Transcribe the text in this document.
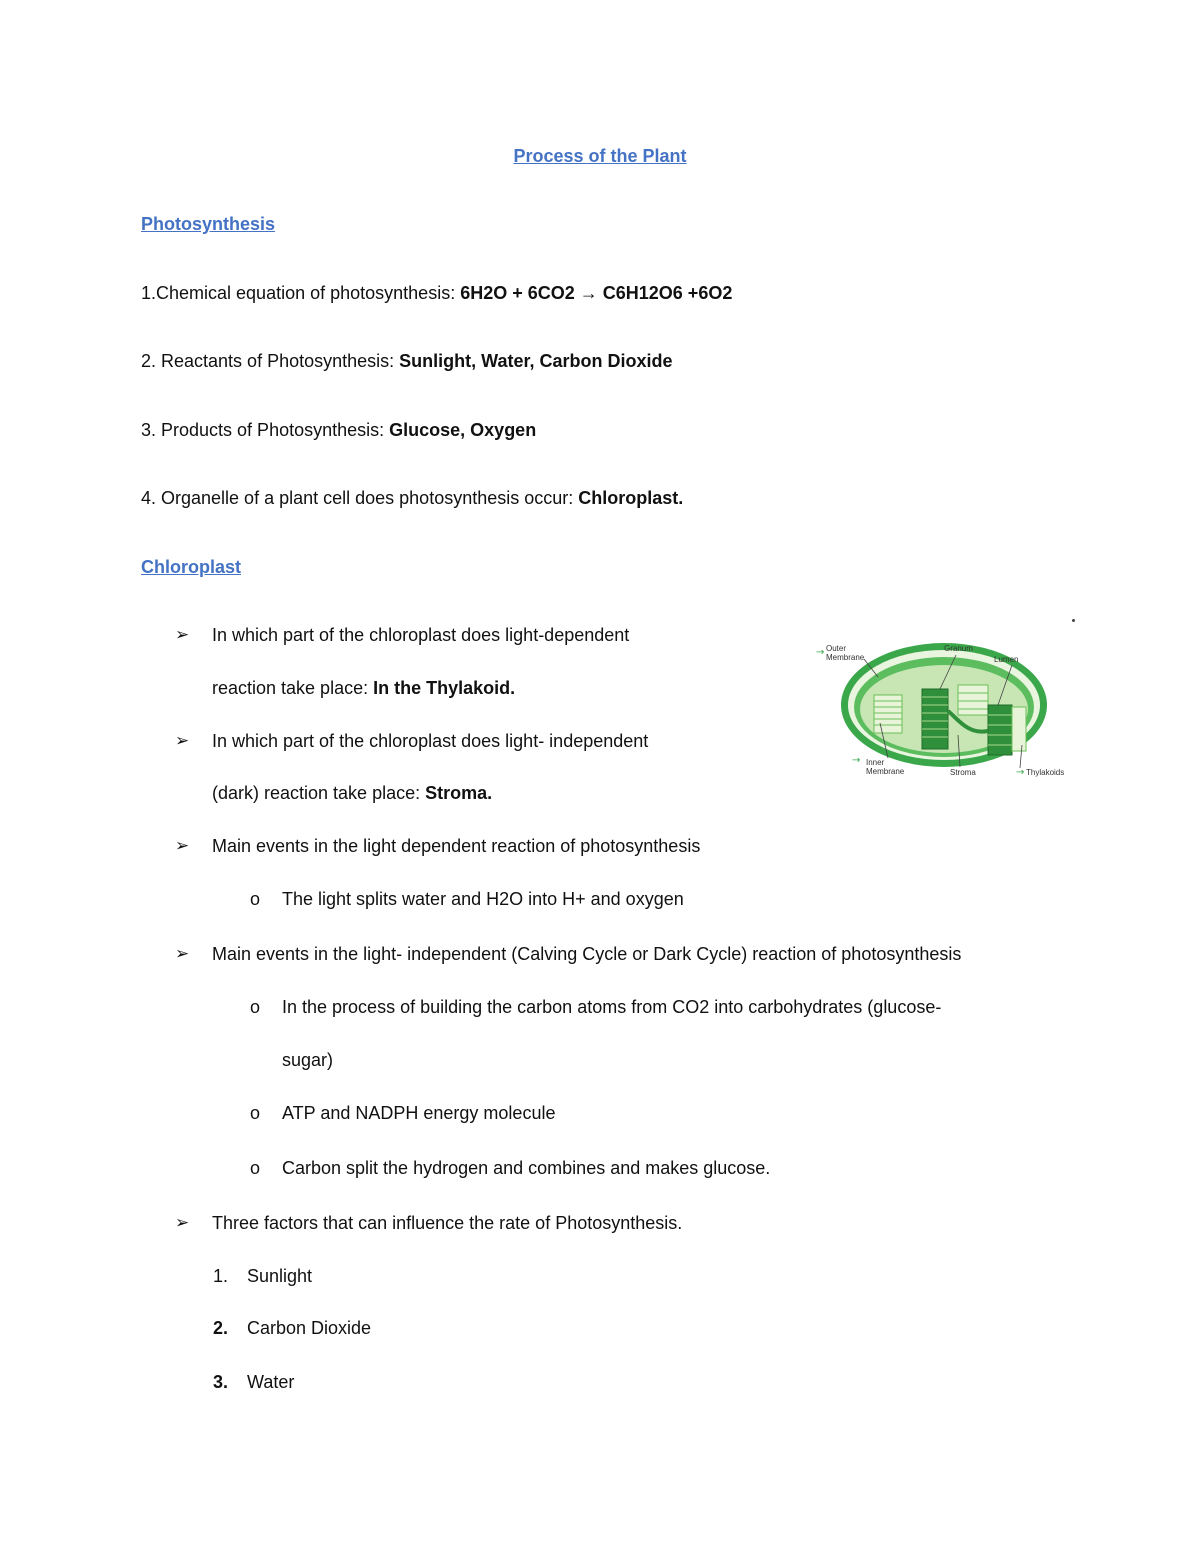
Process of the Plant
Photosynthesis
1.Chemical equation of photosynthesis: 6H2O + 6CO2 → C6H12O6 +6O2
2. Reactants of Photosynthesis: Sunlight, Water, Carbon Dioxide
3. Products of Photosynthesis: Glucose, Oxygen
4. Organelle of a plant cell does photosynthesis occur: Chloroplast.
Chloroplast
➢ In which part of the chloroplast does light-dependent
reaction take place: In the Thylakoid.
➢ In which part of the chloroplast does light- independent
(dark) reaction take place: Stroma.
➢ Main events in the light dependent reaction of photosynthesis
o The light splits water and H2O into H+ and oxygen
➢ Main events in the light- independent (Calving Cycle or Dark Cycle) reaction of photosynthesis
o In the process of building the carbon atoms from CO2 into carbohydrates (glucose-
sugar)
o ATP and NADPH energy molecule
o Carbon split the hydrogen and combines and makes glucose.
➢ Three factors that can influence the rate of Photosynthesis.
1. Sunlight
2. Carbon Dioxide
3. Water
→
→
→
Outer
Membrane
Granum
Lumen
Inner
Membrane	Stroma	Thylakoids
